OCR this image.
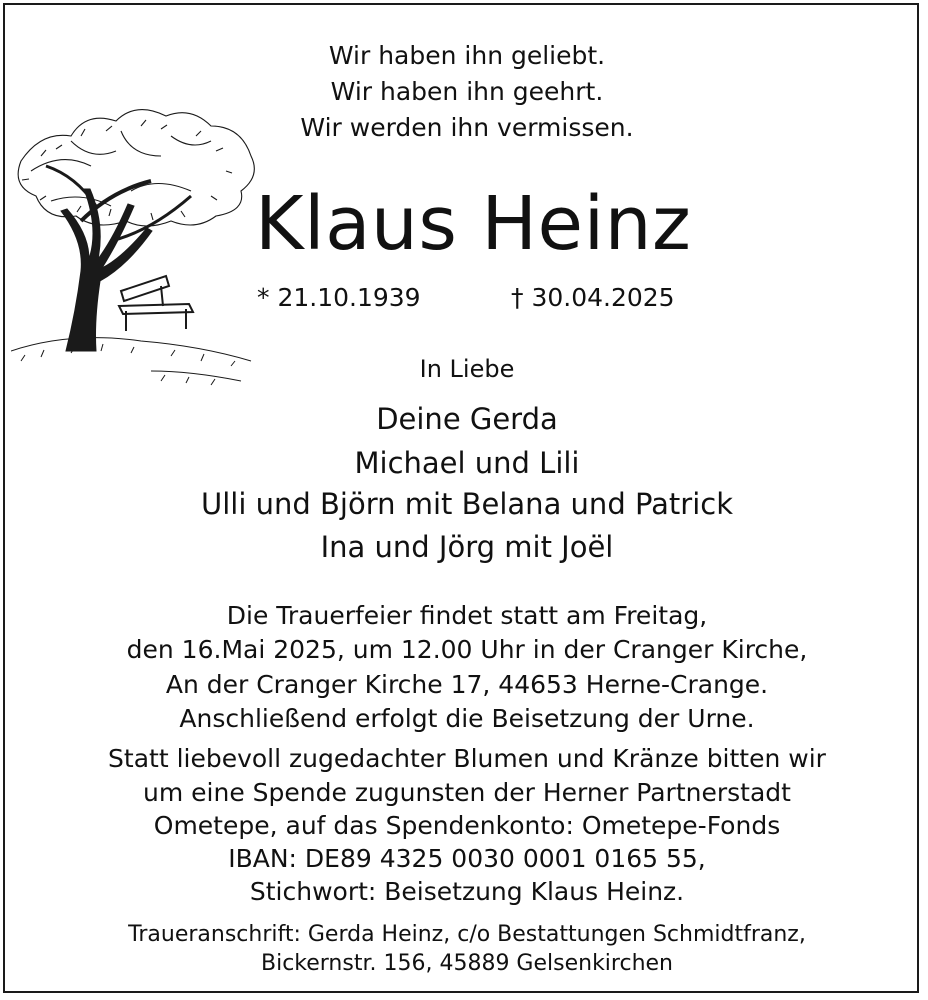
Wir haben ihn geliebt.
Wir haben ihn geehrt.
Wir werden ihn vermissen.
Klaus Heinz
* 21.10.1939	† 30.04.2025
In Liebe
Deine Gerda
Michael und Lili
Ulli und Björn mit Belana und Patrick
Ina und Jörg mit Joël
Die Trauerfeier findet statt am Freitag,
den 16.Mai 2025, um 12.00 Uhr in der Cranger Kirche,
An der Cranger Kirche 17, 44653 Herne-Crange.
Anschließend erfolgt die Beisetzung der Urne.
Statt liebevoll zugedachter Blumen und Kränze bitten wir
um eine Spende zugunsten der Herner Partnerstadt
Ometepe, auf das Spendenkonto: Ometepe-Fonds
IBAN: DE89 4325 0030 0001 0165 55,
Stichwort: Beisetzung Klaus Heinz.
Traueranschrift: Gerda Heinz, c/o Bestattungen Schmidtfranz,
Bickernstr. 156, 45889 Gelsenkirchen
